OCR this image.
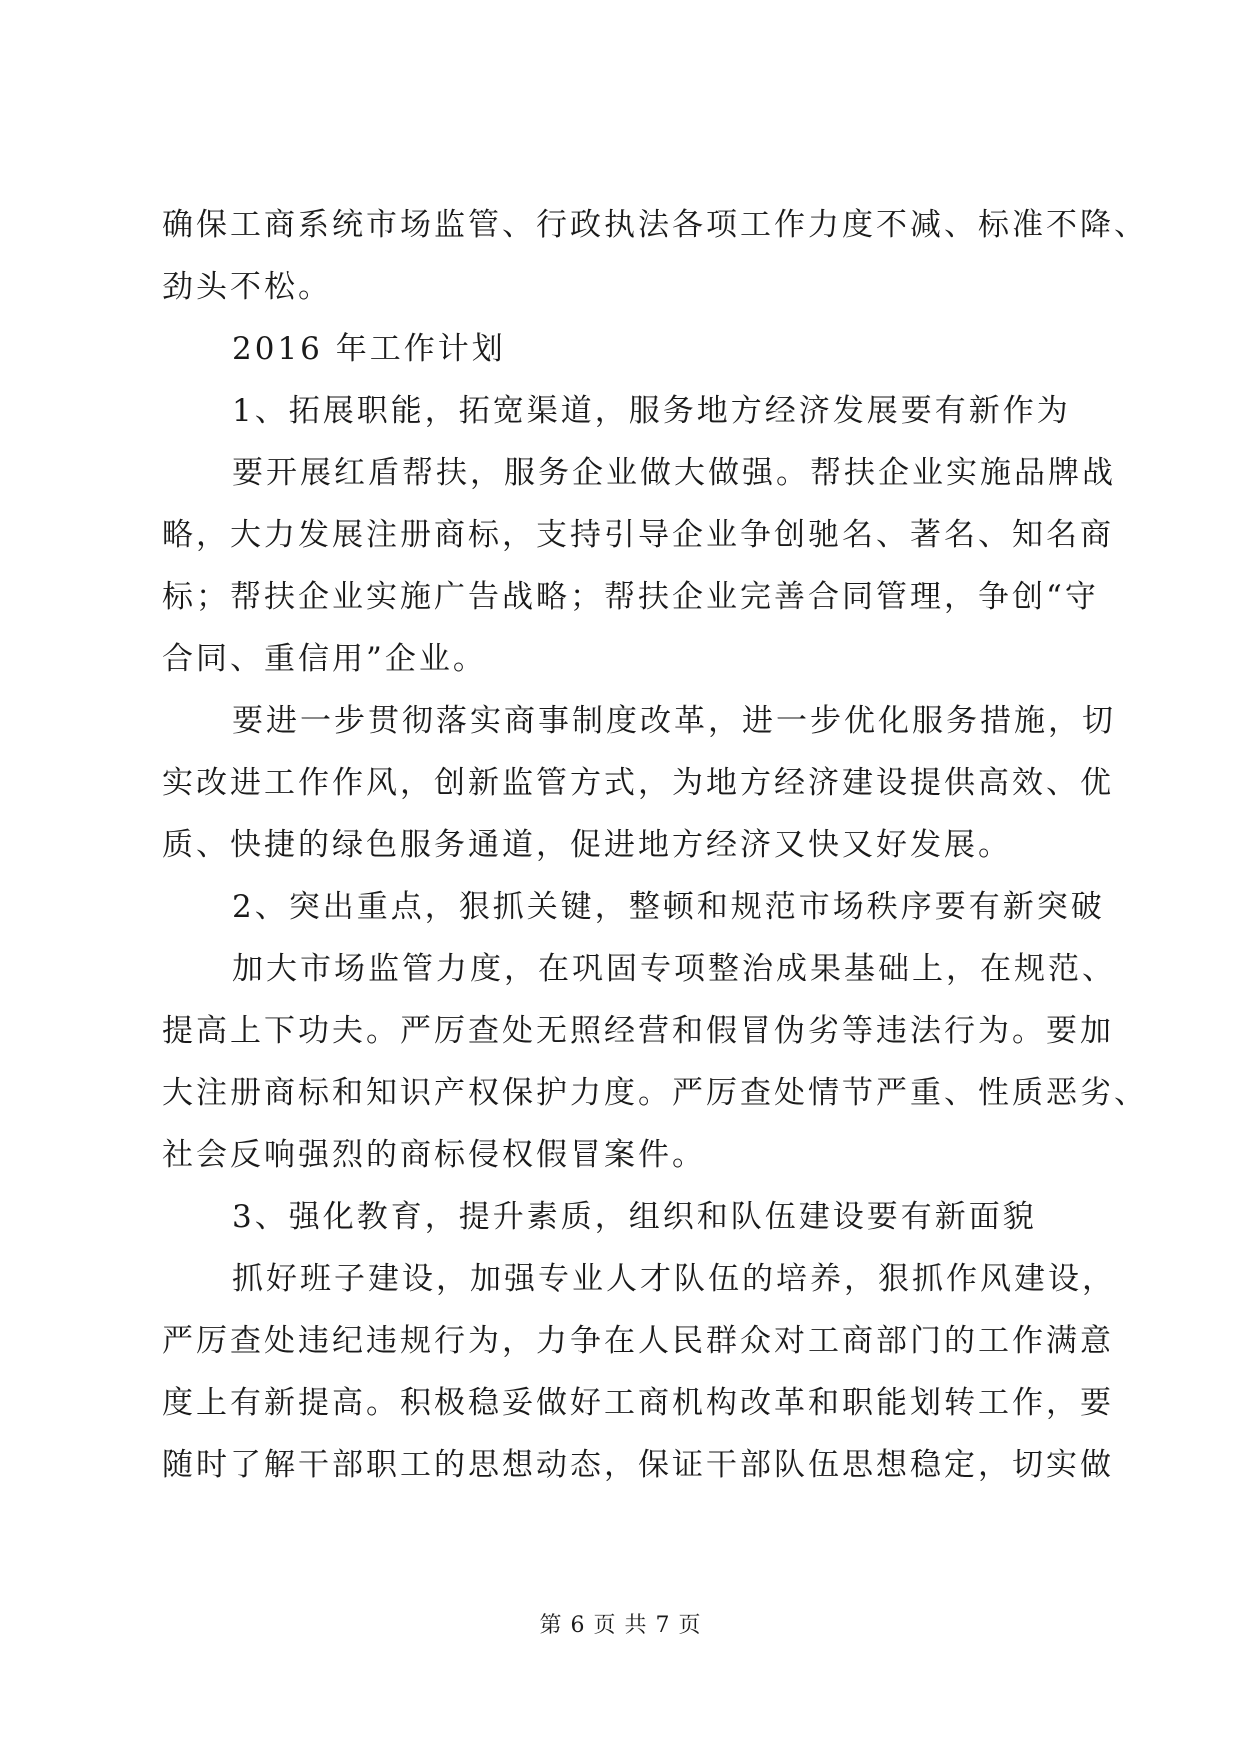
确保工商系统市场监管、行政执法各项工作力度不减、标准不降、
劲头不松。
2016 年工作计划
1、拓展职能，拓宽渠道，服务地方经济发展要有新作为
要开展红盾帮扶，服务企业做大做强。帮扶企业实施品牌战
略，大力发展注册商标，支持引导企业争创驰名、著名、知名商
标；帮扶企业实施广告战略；帮扶企业完善合同管理，争创“守
合同、重信用”企业。
要进一步贯彻落实商事制度改革，进一步优化服务措施，切
实改进工作作风，创新监管方式，为地方经济建设提供高效、优
质、快捷的绿色服务通道，促进地方经济又快又好发展。
2、突出重点，狠抓关键，整顿和规范市场秩序要有新突破
加大市场监管力度，在巩固专项整治成果基础上，在规范、
提高上下功夫。严厉查处无照经营和假冒伪劣等违法行为。要加
大注册商标和知识产权保护力度。严厉查处情节严重、性质恶劣、
社会反响强烈的商标侵权假冒案件。
3、强化教育，提升素质，组织和队伍建设要有新面貌
抓好班子建设，加强专业人才队伍的培养，狠抓作风建设，
严厉查处违纪违规行为，力争在人民群众对工商部门的工作满意
度上有新提高。积极稳妥做好工商机构改革和职能划转工作，要
随时了解干部职工的思想动态，保证干部队伍思想稳定，切实做
第 6 页 共 7 页
